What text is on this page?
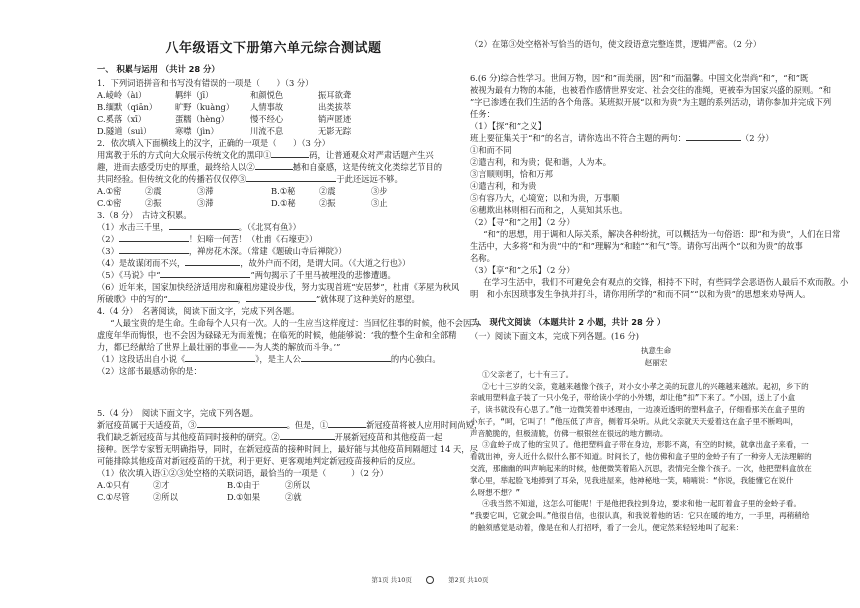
八年级语文下册第六单元综合测试题
一、 积累与运用 （共计 28 分）

1．下列词语拼音和书写没有错误的一项是（　　）（3 分）

A.崚岭（ài）	羁绊（jī）	和颜悦色	振耳欲聋
B.缅默（qiān）	旷野（kuàng）	人情事故	出类拔萃
C.奚落（xī）	蛋糯（hèng）	慢不经心	销声匿迹
D.隧道（suì）	寒噤（jìn）	川流不息	无影无踪

2．依次填入下面横线上的汉字，正确的一项是（　　）（3 分）

用寓教于乐的方式向大众展示传统文化的黑印①	码，让普通观众对严肃话题产生兴

趣，进而去感受历史的厚重，最终给人以②	撼和自豪感，这是传统文化类综艺节目的

共同经验。但传统文化的传播若仅仅停③	于此还远远不够。

A.①密	②震	③滞	B.①秘	②震	③步
C.①密	②振	③滞	D.①秘	②振	③止

3.（8 分）　古诗文积累。

（1）水击三千里，	。（《北冥有鱼》）

（2）	！妇啼一何苦！（杜甫《石壕吏》）

（3）	，禅房花木深。（常建《题破山寺后禅院》）

（4）是故谋闭而不兴，	，故外户而不闭，是谓大同。（《大道之行也》）

（5）《马说》中“	”两句揭示了千里马被埋没的悲惨遭遇。

（6）近年来，国家加快经济适用房和廉租房建设步伐，努力实现首班“安居梦”，杜甫《茅屋为秋风

所破歌》中的写的“	，	”就体现了这种美好的愿望。

4.（4 分）　名著阅读，阅读下面文字，完成下列各题。

“人最宝贵的是生命。生命每个人只有一次。人的一生应当这样度过：当回忆往事的时候，他不会因为

虚度年华而悔恨，也不会因为碌碌无为而羞愧；在临死的时候，他能够说：‘我的整个生命和全部精

力，都已经献给了世界上最壮丽的事业——为人类的解放而斗争。’”

（1）这段话出自小说《	》，是主人公	的内心独白。

（2）这部书最感动你的是：

5.（4 分）　阅读下面文字，完成下列各题。

新冠疫苗属于天适疫苗，③	。但是，①	新冠疫苗将被人应用时间尚短，

我们缺乏新冠疫苗与其他疫苗同时接种的研究。②	开展新冠疫苗和其他疫苗一起

接种。医学专家暂无明确指导，同时，在新冠疫苗的接种时间上，最好能与其他疫苗间隔超过 14 天，尽

可能排除其他疫苗对新冠疫苗的干扰，利于更好、更客观地判定新冠疫苗接种后的反应。

（1）依次填入语①②③处空格的关联词语，最恰当的一项是（　　　）（2 分）

A.①只有	②才	B.①由于	②所以
C.①尽管	②所以	D.①如果	②就

（2）在第③处空格补写恰当的语句，使文段语意完整连贯，逻辑严密。（2 分）

6.(6 分)综合性学习。世间万物，因“和”而美丽，因“和”而温馨。中国文化崇尚“和”，“和”既

被视为最有力物的本能，也被看作感情世界安定、社会交往的准绳，更被奉为国家兴盛的原则。“和

”字已渗透在我们生活的各个角落。某班拟开展“以和为贵”为主题的系列活动，请你参加并完成下列

任务：

（1）【探“和”之义】

班上要征集关于“和”的名言，请你选出不符合主题的两句：	（2 分）

①和而不同

②遣吉利，和为贵；促和谐，人为本。

③言顺则明，恰和万邦

④遣吉利，和为贵

⑤有容乃大，心境宽；以和为贵，万事顺

⑥穗欺出林则相石而和之，人莫知其乐也。

（2）【寻“和”之用】（2 分）

“和”的思想，用于调和人际关系，解决各种纷扰，可以概括为一句俗语：即“和为贵”，人们在日常

生活中，大多将“和为贵”中的“和”理解为“和睦”“和气”等。请你写出两个“以和为贵”的故事

名称。

（3）【享“和”之乐】（2 分）

在学习生活中，我们不可避免会有观点的交锋，相持不下时，有些同学会恶语伤人最后不欢而散。小

明　和小东因琐事发生争执并打斗，请你用所学的“和而不同”“以和为贵”的思想来劝导两人。

二、 现代文阅读 （本题共计 2 小题，共计 28 分 ）

（一）阅读下面文本，完成下列各题。(16 分)

执意生命

赵丽宏

①父亲老了，七十有三了。

②七十三岁的父亲，竟越来越像个孩子，对小女小孝之美的玩意儿的兴趣越来越浓。起初，乡下的

亲戚用塑料盒子装了一只小兔子，带给读小学的小外甥，却让他“扣”下来了。“小国，送上了小盒

子，读书就没有心思了。”他一边微笑着申述理由，一边凑近透明的塑料盒子，仔细看那关在盒子里的

小东子，“呵，它叫了！”他压低了声音，侧着耳朵听。从此父亲就天天爱着这在盒子里不断鸣叫，

声音脆脆的，但极清脆，仿佛一根银丝在很远的地方颤动。

③盒蛉子成了他的宝贝了。他把塑料盒子带在身边，形影不离，有空的时候，就拿出盒子来看，一

看就出神，旁人近什么似什么都不知道。时间长了，他仿佛和盒子里的金蛉子有了一种旁人无法理解的

交流，那幽幽的叫声响起来的时候，他便微笑着陷入沉思，表情完全像个孩子。一次，他把塑料盒放在

掌心里，举起脸飞地捧到了耳朵，见我进屋来，他神秘地一笑，喃喃说：“你说，我能懂它在说什

么呀想不想？”

④我当然不知道，这怎么可能呢！于是他把我拉到身边，要求和他一起盯着盒子里的金蛉子看。

“我要它叫，它就会叫。”他很自信，也很认真，和我说着他的话：它只在暖的地方，一手里，再稍稍给

的触须感觉是动着，像是在和人打招呼，看了一会儿，便定然来轻轻地叫了起来：

第1页 共10页	第2页 共10页
